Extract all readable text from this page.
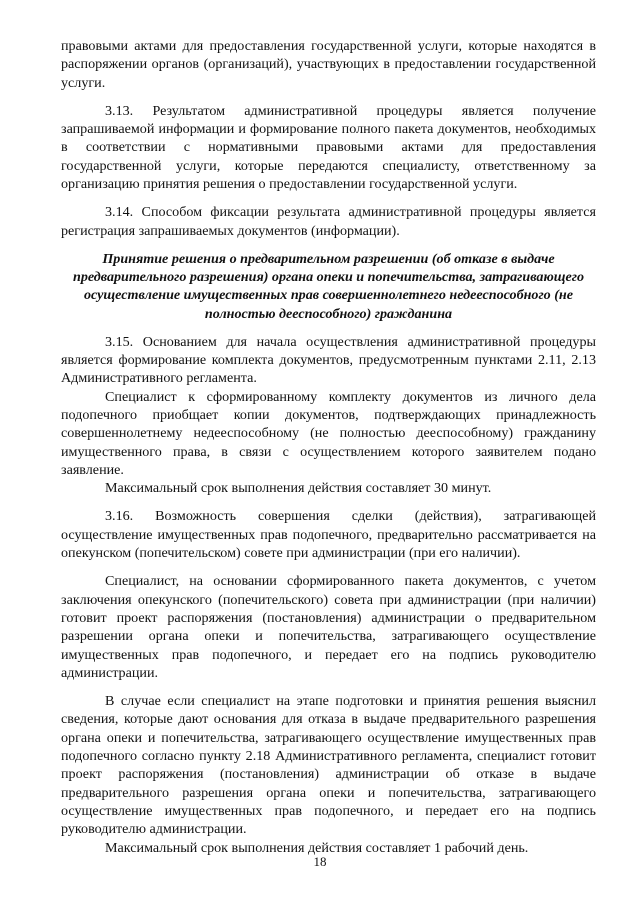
правовыми актами для предоставления государственной услуги, которые находятся в распоряжении органов (организаций), участвующих в предоставлении государственной услуги.

3.13. Результатом административной процедуры является получение запрашиваемой информации и формирование полного пакета документов, необходимых в соответствии с нормативными правовыми актами для предоставления государственной услуги, которые передаются специалисту, ответственному за организацию принятия решения о предоставлении государственной услуги.

3.14. Способом фиксации результата административной процедуры является регистрация запрашиваемых документов (информации).

Принятие решения о предварительном разрешении (об отказе в выдаче предварительного разрешения) органа опеки и попечительства, затрагивающего осуществление имущественных прав совершеннолетнего недееспособного (не полностью дееспособного) гражданина

3.15. Основанием для начала осуществления административной процедуры является формирование комплекта документов, предусмотренным пунктами 2.11, 2.13 Административного регламента.

Специалист к сформированному комплекту документов из личного дела подопечного приобщает копии документов, подтверждающих принадлежность совершеннолетнему недееспособному (не полностью дееспособному) гражданину имущественного права, в связи с осуществлением которого заявителем подано заявление.

Максимальный срок выполнения действия составляет 30 минут.

3.16. Возможность совершения сделки (действия), затрагивающей осуществление имущественных прав подопечного, предварительно рассматривается на опекунском (попечительском) совете при администрации (при его наличии).

Специалист, на основании сформированного пакета документов, с учетом заключения опекунского (попечительского) совета при администрации (при наличии) готовит проект распоряжения (постановления) администрации о предварительном разрешении органа опеки и попечительства, затрагивающего осуществление имущественных прав подопечного, и передает его на подпись руководителю администрации.

В случае если специалист на этапе подготовки и принятия решения выяснил сведения, которые дают основания для отказа в выдаче предварительного разрешения органа опеки и попечительства, затрагивающего осуществление имущественных прав подопечного согласно пункту 2.18 Административного регламента, специалист готовит проект распоряжения (постановления) администрации об отказе в выдаче предварительного разрешения органа опеки и попечительства, затрагивающего осуществление имущественных прав подопечного, и передает его на подпись руководителю администрации.

Максимальный срок выполнения действия составляет 1 рабочий день.

18
